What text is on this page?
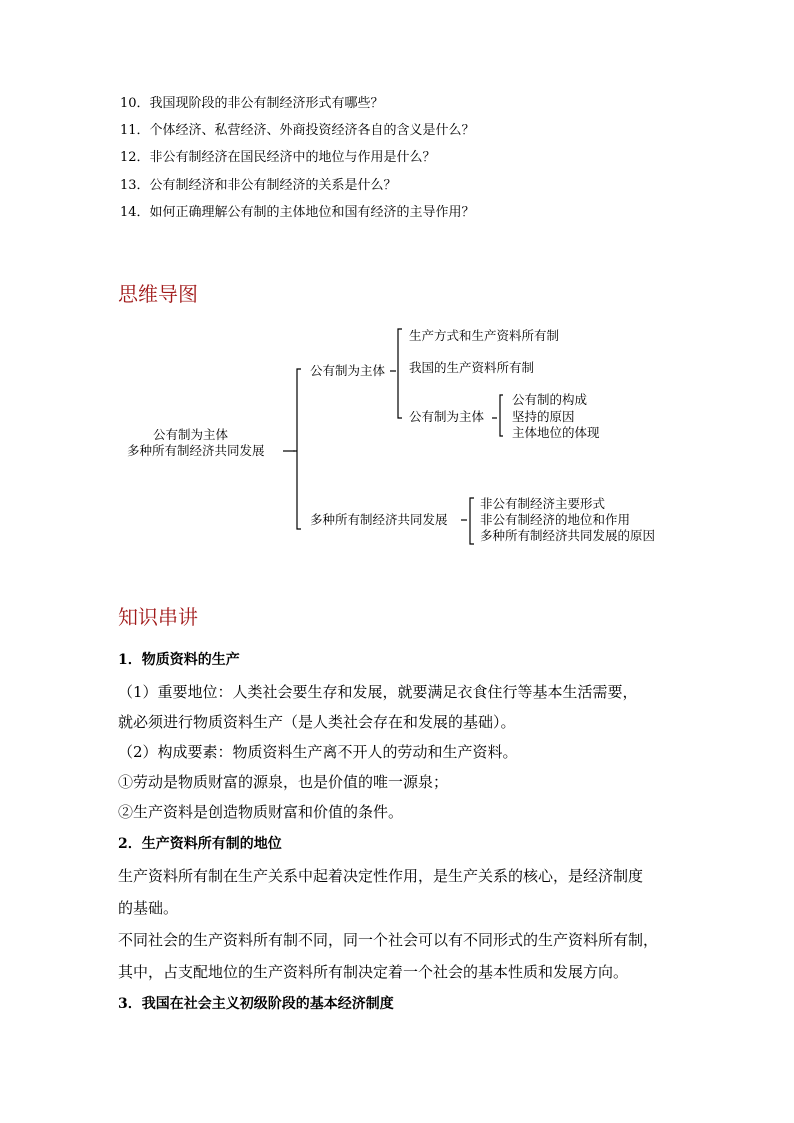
10．我国现阶段的非公有制经济形式有哪些？
11．个体经济、私营经济、外商投资经济各自的含义是什么？
12．非公有制经济在国民经济中的地位与作用是什么？
13．公有制经济和非公有制经济的关系是什么？
14．如何正确理解公有制的主体地位和国有经济的主导作用？
思维导图
公有制为主体
多种所有制经济共同发展
公有制为主体
生产方式和生产资料所有制
我国的生产资料所有制
公有制为主体
公有制的构成
坚持的原因
主体地位的体现
多种所有制经济共同发展
非公有制经济主要形式
非公有制经济的地位和作用
多种所有制经济共同发展的原因
知识串讲
1．物质资料的生产
（1）重要地位：人类社会要生存和发展，就要满足衣食住行等基本生活需要，
就必须进行物质资料生产（是人类社会存在和发展的基础）。
（2）构成要素：物质资料生产离不开人的劳动和生产资料。
①劳动是物质财富的源泉，也是价值的唯一源泉；
②生产资料是创造物质财富和价值的条件。
2．生产资料所有制的地位
生产资料所有制在生产关系中起着决定性作用，是生产关系的核心，是经济制度
的基础。
不同社会的生产资料所有制不同，同一个社会可以有不同形式的生产资料所有制，
其中，占支配地位的生产资料所有制决定着一个社会的基本性质和发展方向。
3．我国在社会主义初级阶段的基本经济制度
